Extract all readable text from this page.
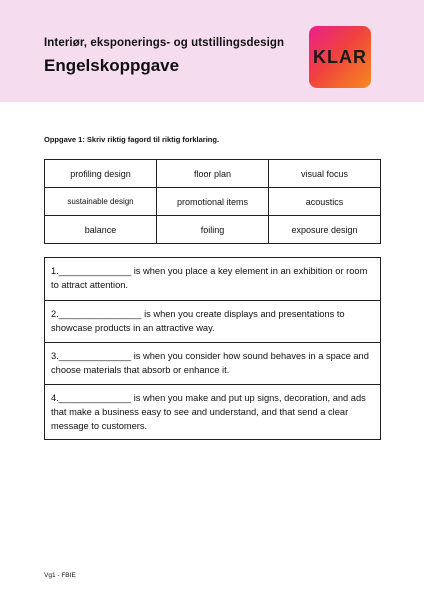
Interiør, eksponerings- og utstillingsdesign
Engelskoppgave	KLAR
Oppgave 1: Skriv riktig fagord til riktig forklaring.
profiling design	floor plan	visual focus
sustainable design	promotional items	acoustics
balance	foiling	exposure design
1.______________ is when you place a key element in an exhibition or room to attract attention.
2.________________ is when you create displays and presentations to showcase products in an attractive way.
3.______________ is when you consider how sound behaves in a space and choose materials that absorb or enhance it.
4.______________ is when you make and put up signs, decoration, and ads that make a business easy to see and understand, and that send a clear message to customers.
Vg1 - FBIE
